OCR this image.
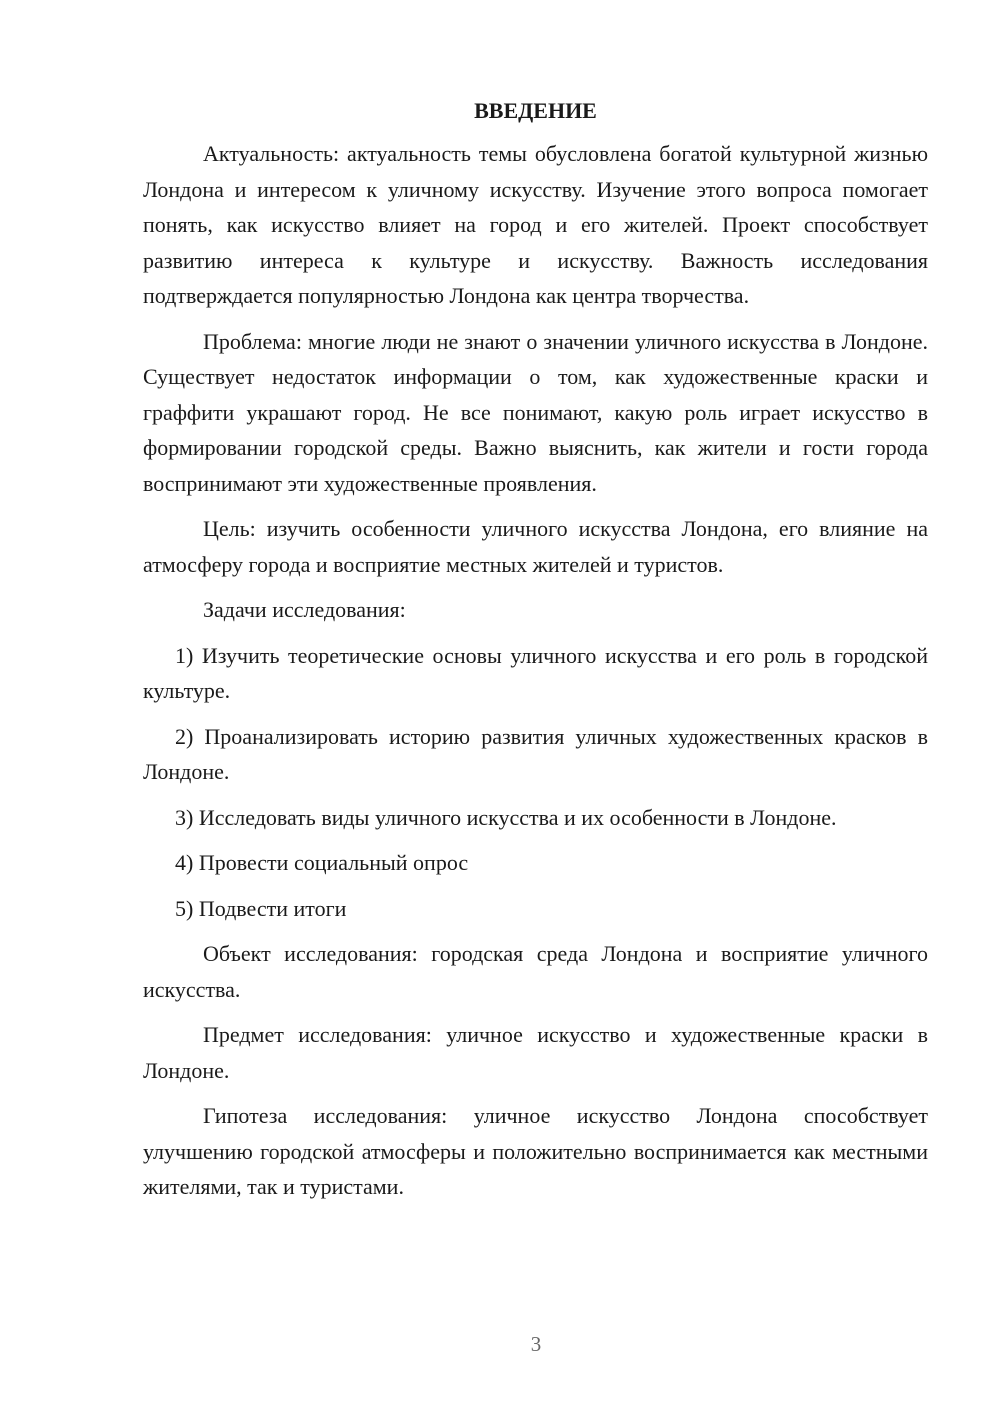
ВВЕДЕНИЕ

Актуальность: актуальность темы обусловлена богатой культурной жизнью Лондона и интересом к уличному искусству. Изучение этого вопроса помогает понять, как искусство влияет на город и его жителей. Проект способствует развитию интереса к культуре и искусству. Важность исследования подтверждается популярностью Лондона как центра творчества.

Проблема: многие люди не знают о значении уличного искусства в Лондоне. Существует недостаток информации о том, как художественные краски и граффити украшают город. Не все понимают, какую роль играет искусство в формировании городской среды. Важно выяснить, как жители и гости города воспринимают эти художественные проявления.

Цель: изучить особенности уличного искусства Лондона, его влияние на атмосферу города и восприятие местных жителей и туристов.

Задачи исследования:

1) Изучить теоретические основы уличного искусства и его роль в городской культуре.

2) Проанализировать историю развития уличных художественных красков в Лондоне.

3) Исследовать виды уличного искусства и их особенности в Лондоне.

4) Провести социальный опрос

5) Подвести итоги

Объект исследования: городская среда Лондона и восприятие уличного искусства.

Предмет исследования: уличное искусство и художественные краски в Лондоне.

Гипотеза исследования: уличное искусство Лондона способствует улучшению городской атмосферы и положительно воспринимается как местными жителями, так и туристами.

3
